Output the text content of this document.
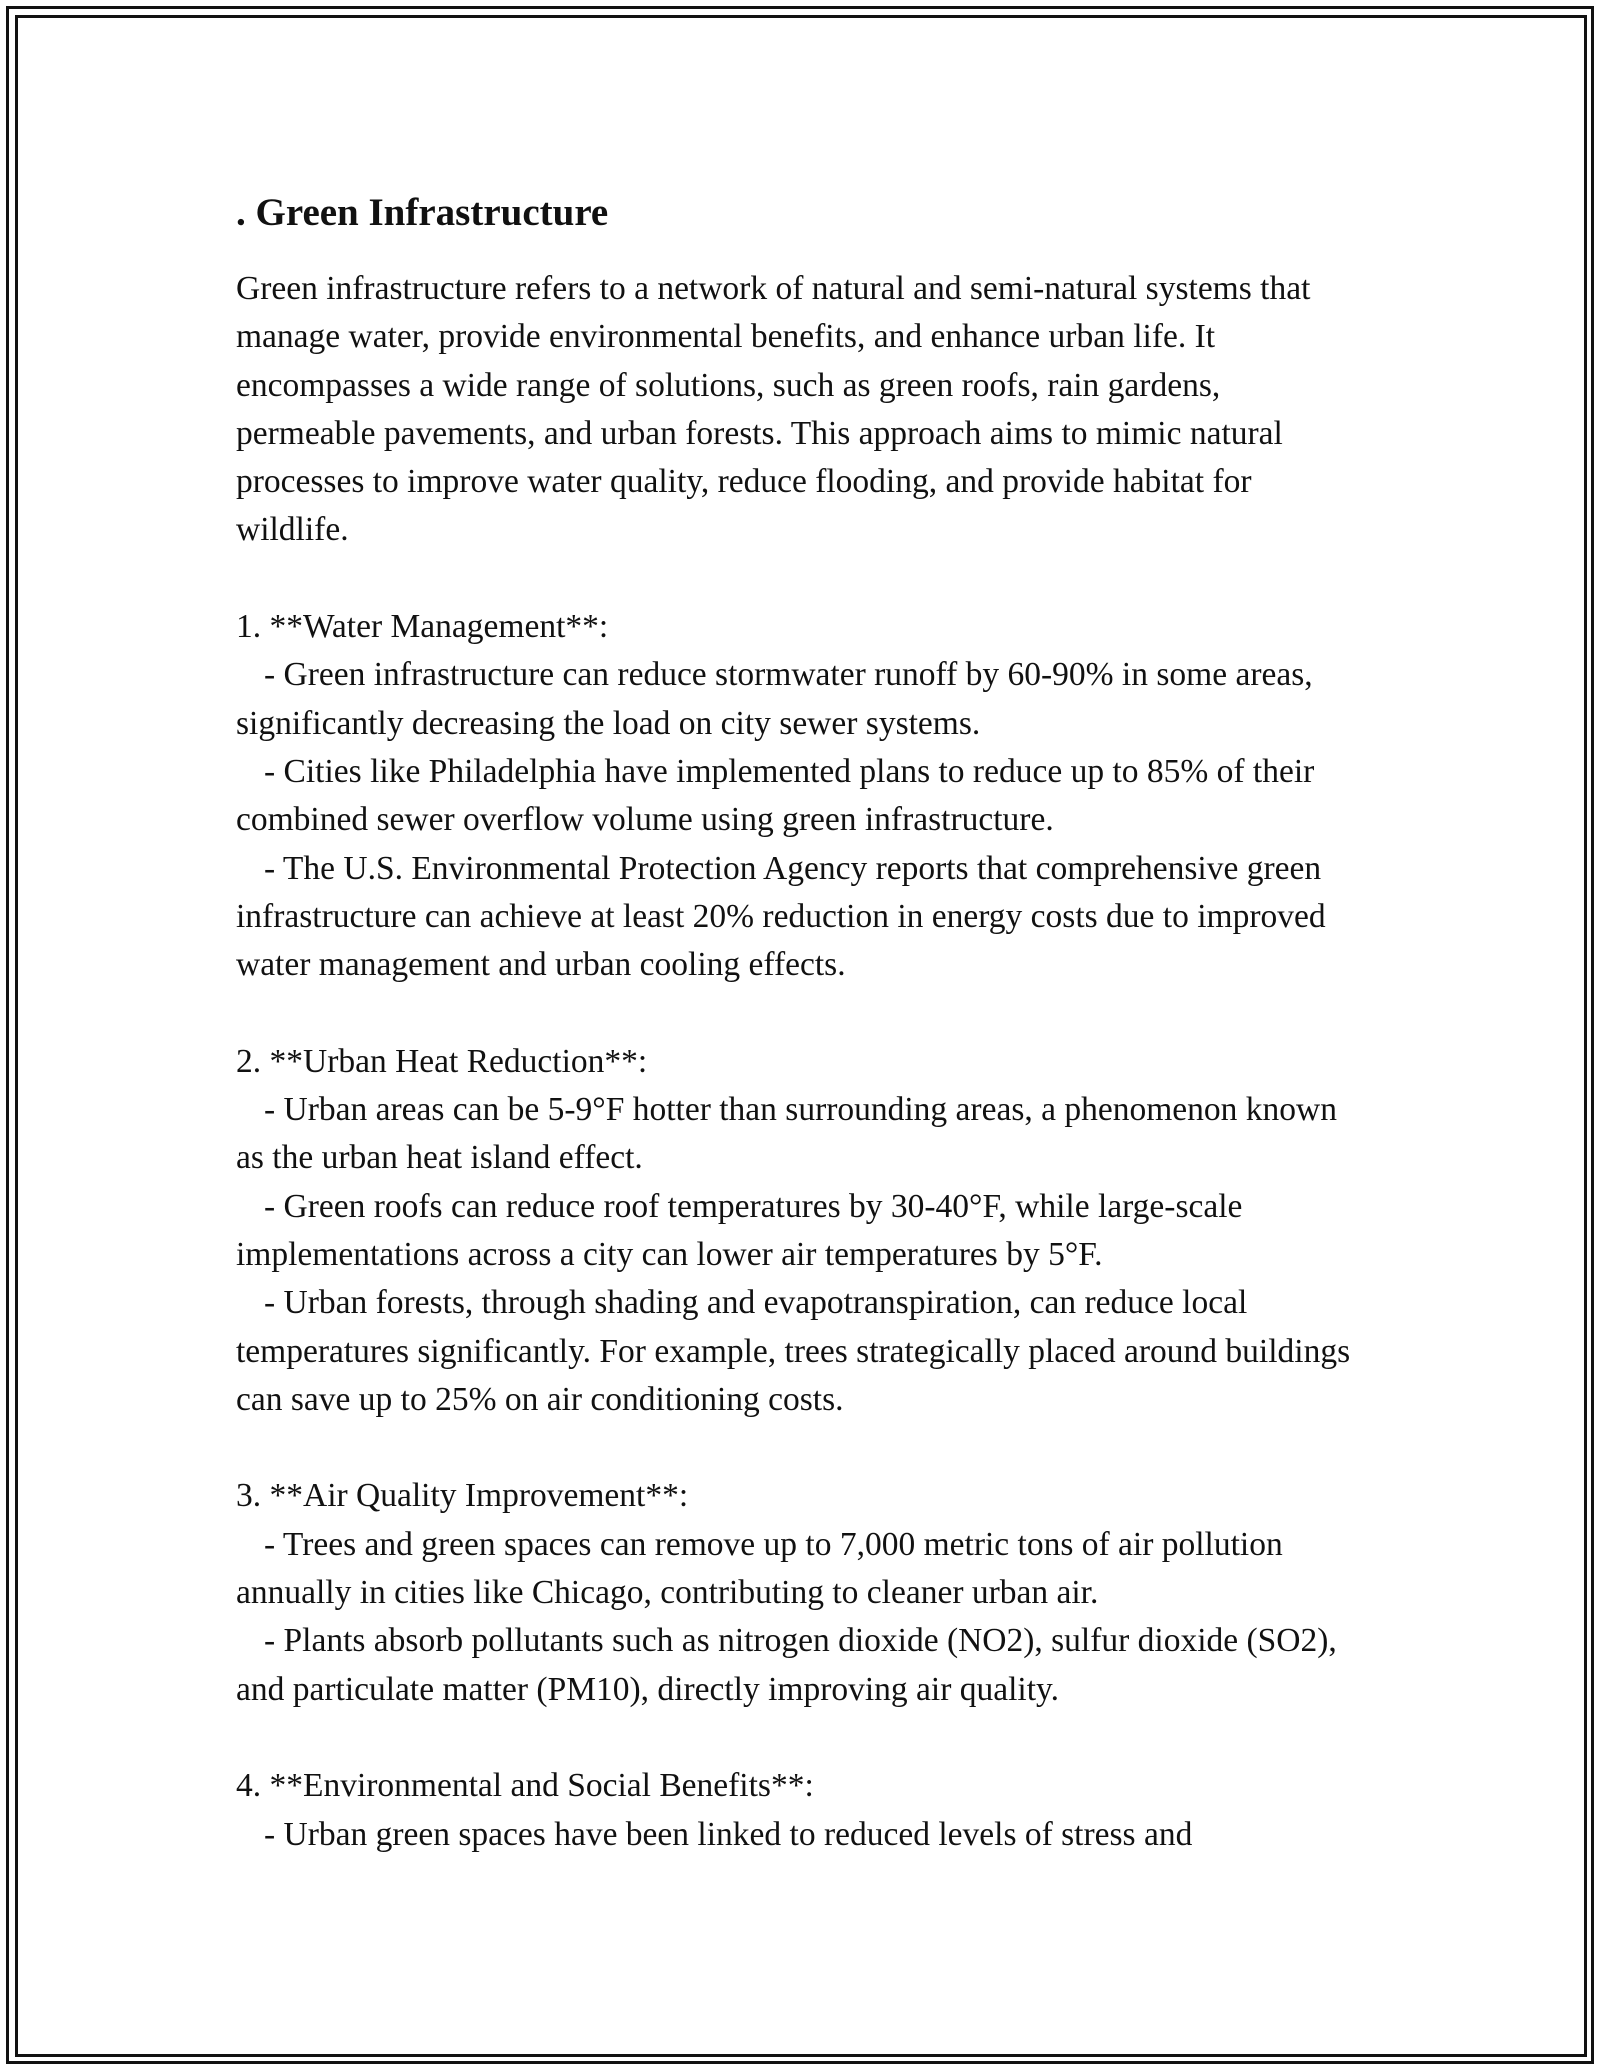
. Green Infrastructure

Green infrastructure refers to a network of natural and semi-natural systems that manage water, provide environmental benefits, and enhance urban life. It encompasses a wide range of solutions, such as green roofs, rain gardens, permeable pavements, and urban forests. This approach aims to mimic natural processes to improve water quality, reduce flooding, and provide habitat for wildlife.

1. **Water Management**:

- Green infrastructure can reduce stormwater runoff by 60-90% in some areas, significantly decreasing the load on city sewer systems.

- Cities like Philadelphia have implemented plans to reduce up to 85% of their combined sewer overflow volume using green infrastructure.

- The U.S. Environmental Protection Agency reports that comprehensive green infrastructure can achieve at least 20% reduction in energy costs due to improved water management and urban cooling effects.

2. **Urban Heat Reduction**:

- Urban areas can be 5-9°F hotter than surrounding areas, a phenomenon known as the urban heat island effect.

- Green roofs can reduce roof temperatures by 30-40°F, while large-scale implementations across a city can lower air temperatures by 5°F.

- Urban forests, through shading and evapotranspiration, can reduce local temperatures significantly. For example, trees strategically placed around buildings can save up to 25% on air conditioning costs.

3. **Air Quality Improvement**:

- Trees and green spaces can remove up to 7,000 metric tons of air pollution annually in cities like Chicago, contributing to cleaner urban air.

- Plants absorb pollutants such as nitrogen dioxide (NO2), sulfur dioxide (SO2), and particulate matter (PM10), directly improving air quality.

4. **Environmental and Social Benefits**:

- Urban green spaces have been linked to reduced levels of stress and
